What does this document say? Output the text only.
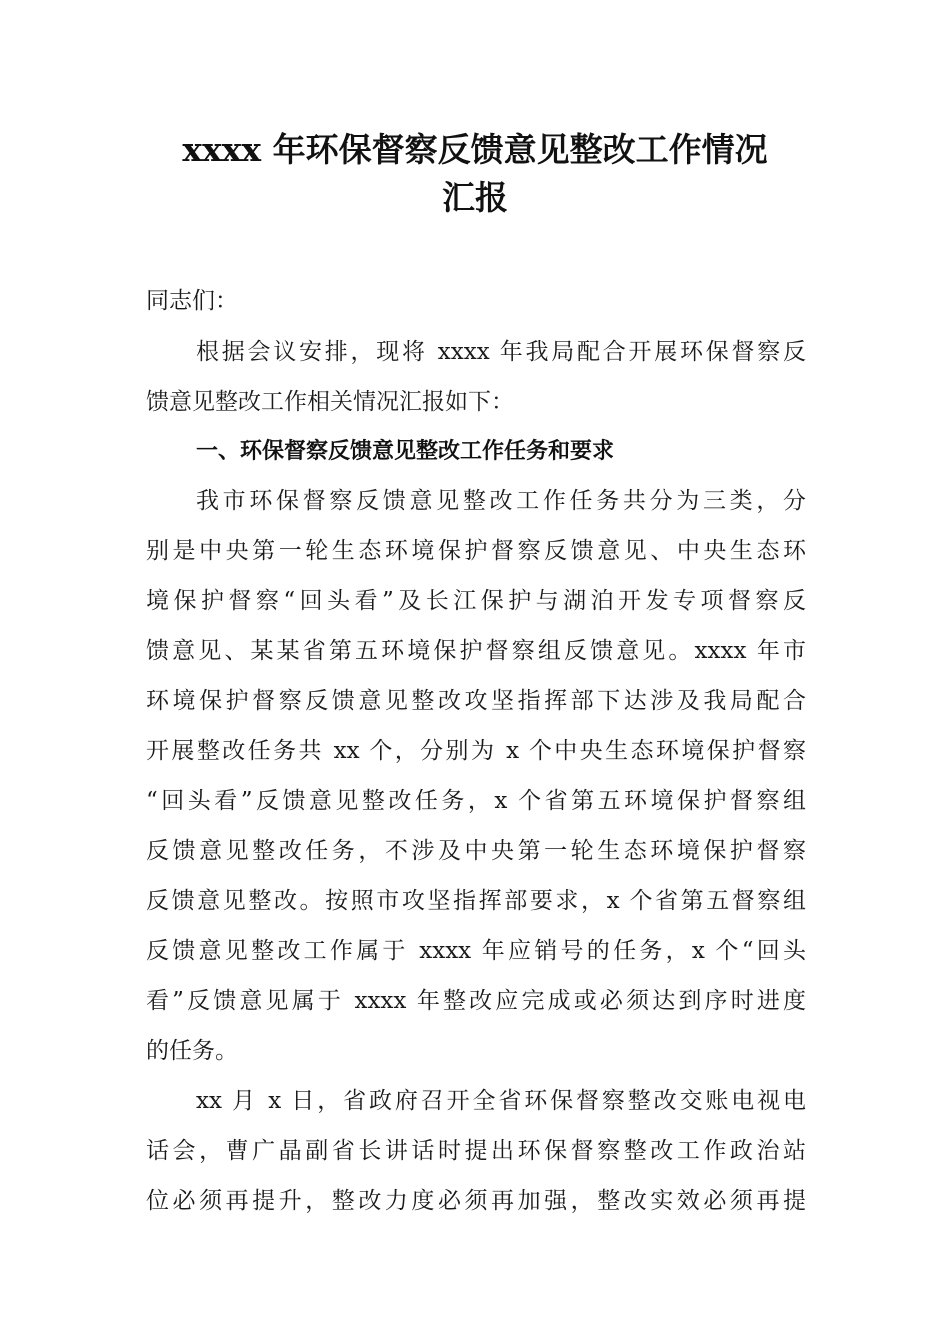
xxxx 年环保督察反馈意见整改工作情况
汇报
同志们：
根据会议安排，现将 xxxx 年我局配合开展环保督察反
馈意见整改工作相关情况汇报如下：
一、环保督察反馈意见整改工作任务和要求
我市环保督察反馈意见整改工作任务共分为三类，分
别是中央第一轮生态环境保护督察反馈意见、中央生态环
境保护督察“回头看”及长江保护与湖泊开发专项督察反
馈意见、某某省第五环境保护督察组反馈意见。xxxx 年市
环境保护督察反馈意见整改攻坚指挥部下达涉及我局配合
开展整改任务共 xx 个，分别为 x 个中央生态环境保护督察
“回头看”反馈意见整改任务，x 个省第五环境保护督察组
反馈意见整改任务，不涉及中央第一轮生态环境保护督察
反馈意见整改。按照市攻坚指挥部要求，x 个省第五督察组
反馈意见整改工作属于 xxxx 年应销号的任务，x 个“回头
看”反馈意见属于 xxxx 年整改应完成或必须达到序时进度
的任务。
xx 月 x 日，省政府召开全省环保督察整改交账电视电
话会，曹广晶副省长讲话时提出环保督察整改工作政治站
位必须再提升，整改力度必须再加强，整改实效必须再提
